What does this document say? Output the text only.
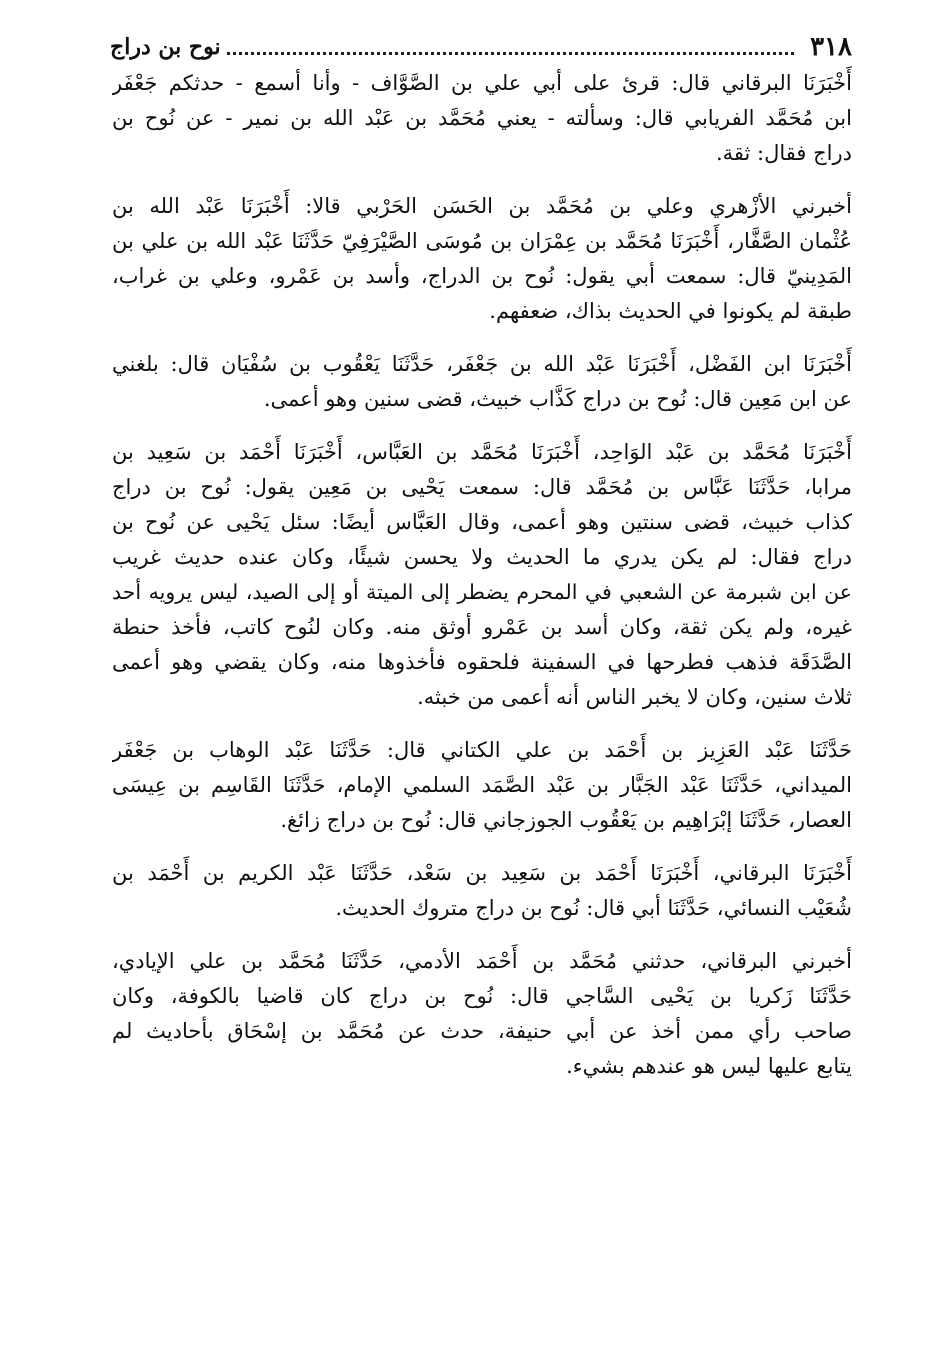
٣١٨
نوح بن دراج
أَخْبَرَنَا البرقاني قال: قرئ على أبي علي بن الصَّوَّاف - وأنا أسمع - حدثكم جَعْفَر
ابن مُحَمَّد الفريابي قال: وسألته - يعني مُحَمَّد بن عَبْد الله بن نمير - عن نُوح بن
دراج فقال: ثقة.
أخبرني الأزْهري وعلي بن مُحَمَّد بن الحَسَن الحَرْبي قالا: أَخْبَرَنَا عَبْد الله بن
عُثْمان الصَّفَّار، أَخْبَرَنَا مُحَمَّد بن عِمْرَان بن مُوسَى الصَّيْرَفِيّ حَدَّثَنَا عَبْد الله بن علي بن
المَدِينيّ قال: سمعت أبي يقول: نُوح بن الدراج، وأسد بن عَمْرو، وعلي بن غراب،
طبقة لم يكونوا في الحديث بذاك، ضعفهم.
أَخْبَرَنَا ابن الفَضْل، أَخْبَرَنَا عَبْد الله بن جَعْفَر، حَدَّثَنَا يَعْقُوب بن سُفْيَان قال: بلغني
عن ابن مَعِين قال: نُوح بن دراج كَذَّاب خبيث، قضى سنين وهو أعمى.
أَخْبَرَنَا مُحَمَّد بن عَبْد الوَاحِد، أَخْبَرَنَا مُحَمَّد بن العَبَّاس، أَخْبَرَنَا أَحْمَد بن سَعِيد بن
مرابا، حَدَّثَنَا عَبَّاس بن مُحَمَّد قال: سمعت يَحْيى بن مَعِين يقول: نُوح بن دراج
كذاب خبيث، قضى سنتين وهو أعمى، وقال العَبَّاس أيضًا: سئل يَحْيى عن نُوح بن
دراج فقال: لم يكن يدري ما الحديث ولا يحسن شيئًا، وكان عنده حديث غريب
عن ابن شبرمة عن الشعبي في المحرم يضطر إلى الميتة أو إلى الصيد، ليس يرويه أحد
غيره، ولم يكن ثقة، وكان أسد بن عَمْرو أوثق منه. وكان لنُوح كاتب، فأخذ حنطة
الصَّدَقَة فذهب فطرحها في السفينة فلحقوه فأخذوها منه، وكان يقضي وهو أعمى
ثلاث سنين، وكان لا يخبر الناس أنه أعمى من خبثه.
حَدَّثَنَا عَبْد العَزِيز بن أَحْمَد بن علي الكتاني قال: حَدَّثَنَا عَبْد الوهاب بن جَعْفَر
الميداني، حَدَّثَنَا عَبْد الجَبَّار بن عَبْد الصَّمَد السلمي الإمام، حَدَّثَنَا القَاسِم بن عِيسَى
العصار، حَدَّثَنَا إبْرَاهِيم بن يَعْقُوب الجوزجاني قال: نُوح بن دراج زائغ.
أَخْبَرَنَا البرقاني، أَخْبَرَنَا أَحْمَد بن سَعِيد بن سَعْد، حَدَّثَنَا عَبْد الكريم بن أَحْمَد بن
شُعَيْب النسائي، حَدَّثَنَا أبي قال: نُوح بن دراج متروك الحديث.
أخبرني البرقاني، حدثني مُحَمَّد بن أَحْمَد الأدمي، حَدَّثَنَا مُحَمَّد بن علي الإيادي،
حَدَّثَنَا زَكريا بن يَحْيى السَّاجي قال: نُوح بن دراج كان قاضيا بالكوفة، وكان
صاحب رأي ممن أخذ عن أبي حنيفة، حدث عن مُحَمَّد بن إسْحَاق بأحاديث لم
يتابع عليها ليس هو عندهم بشيء.
